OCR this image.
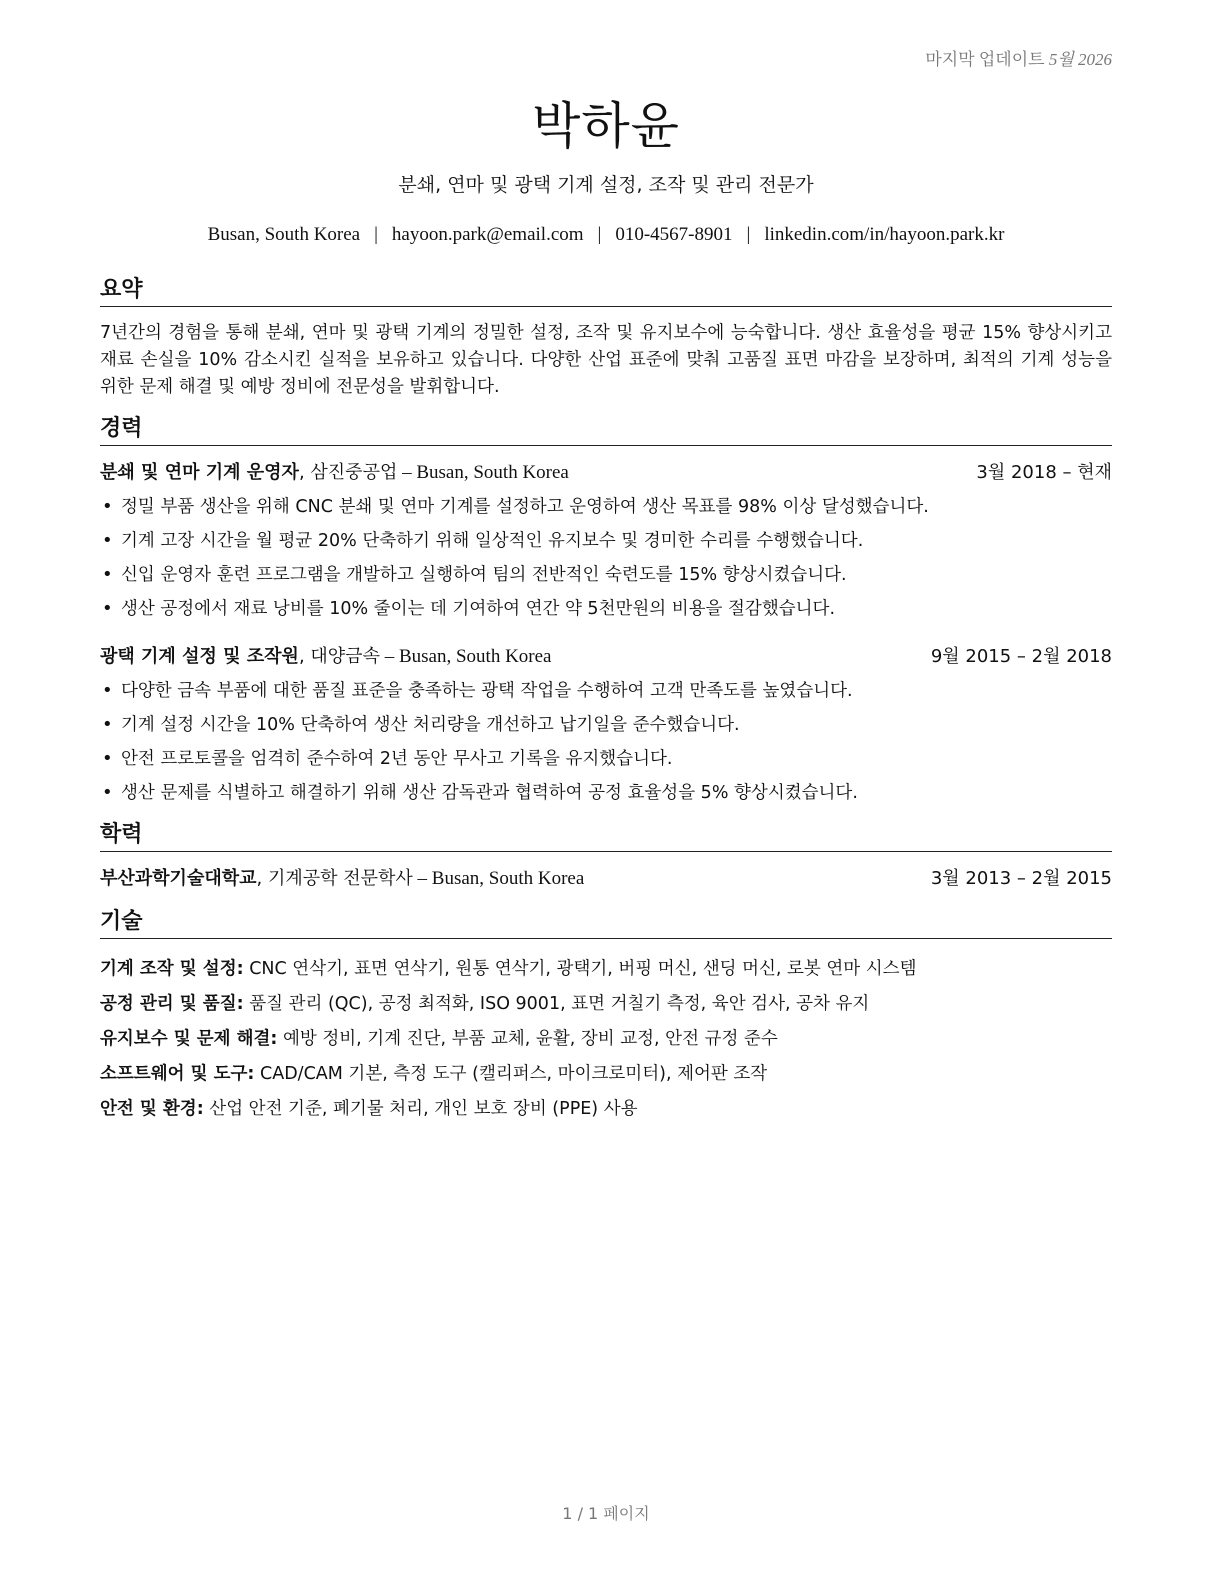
마지막 업데이트 5월 2026
박하윤
분쇄, 연마 및 광택 기계 설정, 조작 및 관리 전문가
Busan, South Korea | hayoon.park@email.com | 010-4567-8901 | linkedin.com/in/hayoon.park.kr
요약
7년간의 경험을 통해 분쇄, 연마 및 광택 기계의 정밀한 설정, 조작 및 유지보수에 능숙합니다. 생산 효율성을 평균 15% 향상시키고 재료 손실을 10% 감소시킨 실적을 보유하고 있습니다. 다양한 산업 표준에 맞춰 고품질 표면 마감을 보장하며, 최적의 기계 성능을 위한 문제 해결 및 예방 정비에 전문성을 발휘합니다.
경력
분쇄 및 연마 기계 운영자, 삼진중공업 – Busan, South Korea	3월 2018 – 현재
• 정밀 부품 생산을 위해 CNC 분쇄 및 연마 기계를 설정하고 운영하여 생산 목표를 98% 이상 달성했습니다.
• 기계 고장 시간을 월 평균 20% 단축하기 위해 일상적인 유지보수 및 경미한 수리를 수행했습니다.
• 신입 운영자 훈련 프로그램을 개발하고 실행하여 팀의 전반적인 숙련도를 15% 향상시켰습니다.
• 생산 공정에서 재료 낭비를 10% 줄이는 데 기여하여 연간 약 5천만원의 비용을 절감했습니다.
광택 기계 설정 및 조작원, 대양금속 – Busan, South Korea	9월 2015 – 2월 2018
• 다양한 금속 부품에 대한 품질 표준을 충족하는 광택 작업을 수행하여 고객 만족도를 높였습니다.
• 기계 설정 시간을 10% 단축하여 생산 처리량을 개선하고 납기일을 준수했습니다.
• 안전 프로토콜을 엄격히 준수하여 2년 동안 무사고 기록을 유지했습니다.
• 생산 문제를 식별하고 해결하기 위해 생산 감독관과 협력하여 공정 효율성을 5% 향상시켰습니다.
학력
부산과학기술대학교, 기계공학 전문학사 – Busan, South Korea	3월 2013 – 2월 2015
기술
기계 조작 및 설정: CNC 연삭기, 표면 연삭기, 원통 연삭기, 광택기, 버핑 머신, 샌딩 머신, 로봇 연마 시스템
공정 관리 및 품질: 품질 관리 (QC), 공정 최적화, ISO 9001, 표면 거칠기 측정, 육안 검사, 공차 유지
유지보수 및 문제 해결: 예방 정비, 기계 진단, 부품 교체, 윤활, 장비 교정, 안전 규정 준수
소프트웨어 및 도구: CAD/CAM 기본, 측정 도구 (캘리퍼스, 마이크로미터), 제어판 조작
안전 및 환경: 산업 안전 기준, 폐기물 처리, 개인 보호 장비 (PPE) 사용
1 / 1 페이지
